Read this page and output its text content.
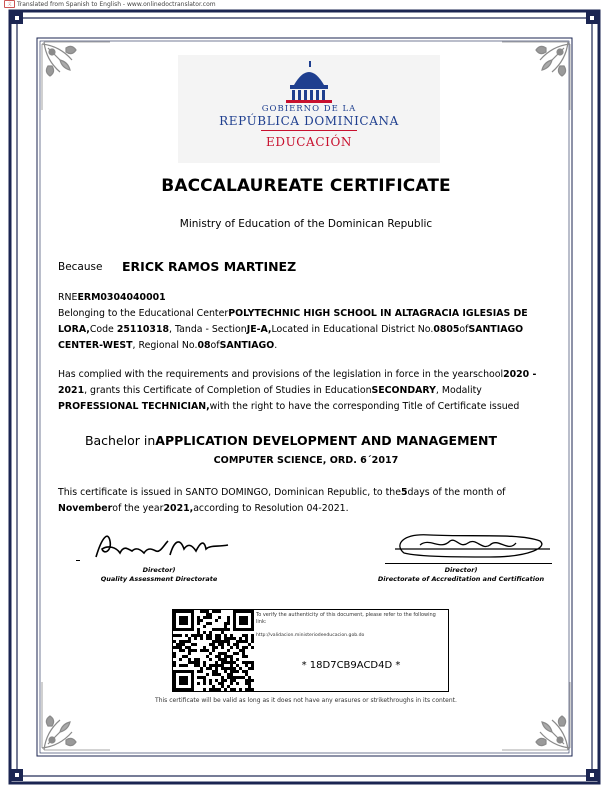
文 Translated from Spanish to English - www.onlinedoctranslator.com
GOBIERNO DE LA
REPÚBLICA DOMINICANA
EDUCACIÓN
BACCALAUREATE CERTIFICATE
Ministry of Education of the Dominican Republic
Because ERICK RAMOS MARTINEZ
RNEERM0304040001
Belonging to the Educational CenterPOLYTECHNIC HIGH SCHOOL IN ALTAGRACIA IGLESIAS DE LORA,Code 25110318, Tanda - SectionJE-A,Located in Educational District No.0805ofSANTIAGO CENTER-WEST, Regional No.08ofSANTIAGO.
Has complied with the requirements and provisions of the legislation in force in the yearschool2020 - 2021, grants this Certificate of Completion of Studies in EducationSECONDARY, Modality PROFESSIONAL TECHNICIAN,with the right to have the corresponding Title of Certificate issued
Bachelor inAPPLICATION DEVELOPMENT AND MANAGEMENT
COMPUTER SCIENCE, ORD. 6´2017
This certificate is issued in SANTO DOMINGO, Dominican Republic, to the5days of the month of Novemberof the year2021,according to Resolution 04-2021.
Director)
Quality Assessment Directorate
Director)
Directorate of Accreditation and Certification
To verify the authenticity of this document, please refer to the following link:
http://validacion.ministeriodeeducacion.gob.do
* 18D7CB9ACD4D *
This certificate will be valid as long as it does not have any erasures or strikethroughs in its content.
